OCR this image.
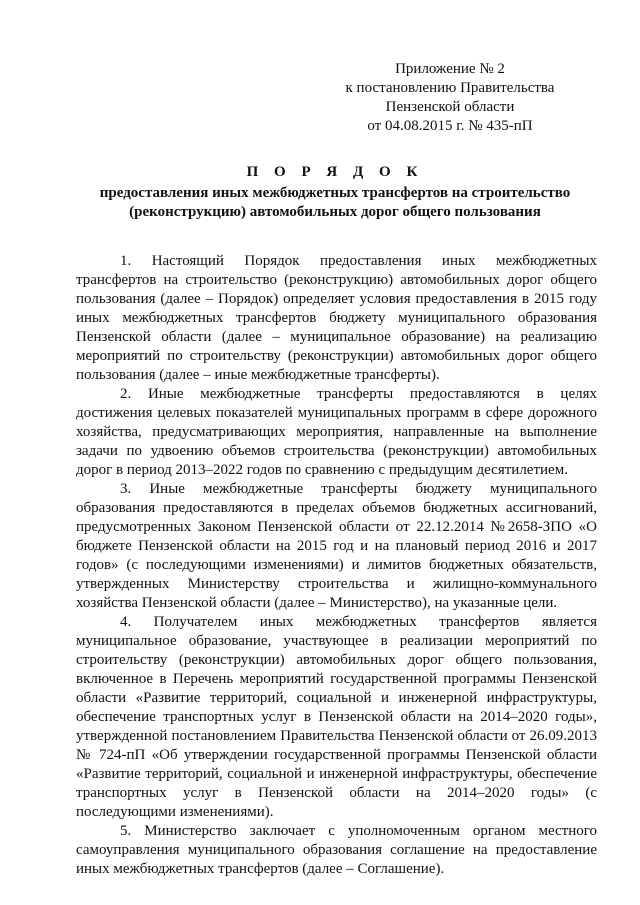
Приложение № 2
к постановлению Правительства
Пензенской области
от 04.08.2015 г. № 435-пП
П О Р Я Д О К
предоставления иных межбюджетных трансфертов на строительство
(реконструкцию) автомобильных дорог общего пользования

1. Настоящий Порядок предоставления иных межбюджетных трансфертов на строительство (реконструкцию) автомобильных дорог общего пользования (далее – Порядок) определяет условия предоставления в 2015 году иных межбюджетных трансфертов бюджету муниципального образования Пензенской области (далее – муниципальное образование) на реализацию мероприятий по строительству (реконструкции) автомобильных дорог общего пользования (далее – иные межбюджетные трансферты).

2. Иные межбюджетные трансферты предоставляются в целях достижения целевых показателей муниципальных программ в сфере дорожного хозяйства, предусматривающих мероприятия, направленные на выполнение задачи по удвоению объемов строительства (реконструкции) автомобильных дорог в период 2013–2022 годов по сравнению с предыдущим десятилетием.

3. Иные межбюджетные трансферты бюджету муниципального образования предоставляются в пределах объемов бюджетных ассигнований, предусмотренных Законом Пензенской области от 22.12.2014 №2658-ЗПО «О бюджете Пензенской области на 2015 год и на плановый период 2016 и 2017 годов» (с последующими изменениями) и лимитов бюджетных обязательств, утвержденных Министерству строительства и жилищно-коммунального хозяйства Пензенской области (далее – Министерство), на указанные цели.

4. Получателем иных межбюджетных трансфертов является муниципальное образование, участвующее в реализации мероприятий по строительству (реконструкции) автомобильных дорог общего пользования, включенное в Перечень мероприятий государственной программы Пензенской области «Развитие территорий, социальной и инженерной инфраструктуры, обеспечение транспортных услуг в Пензенской области на 2014–2020 годы», утвержденной постановлением Правительства Пензенской области от 26.09.2013 № 724-пП «Об утверждении государственной программы Пензенской области «Развитие территорий, социальной и инженерной инфраструктуры, обеспечение транспортных услуг в Пензенской области на 2014–2020 годы» (с последующими изменениями).

5. Министерство заключает с уполномоченным органом местного самоуправления муниципального образования соглашение на предоставление иных межбюджетных трансфертов (далее – Соглашение).
